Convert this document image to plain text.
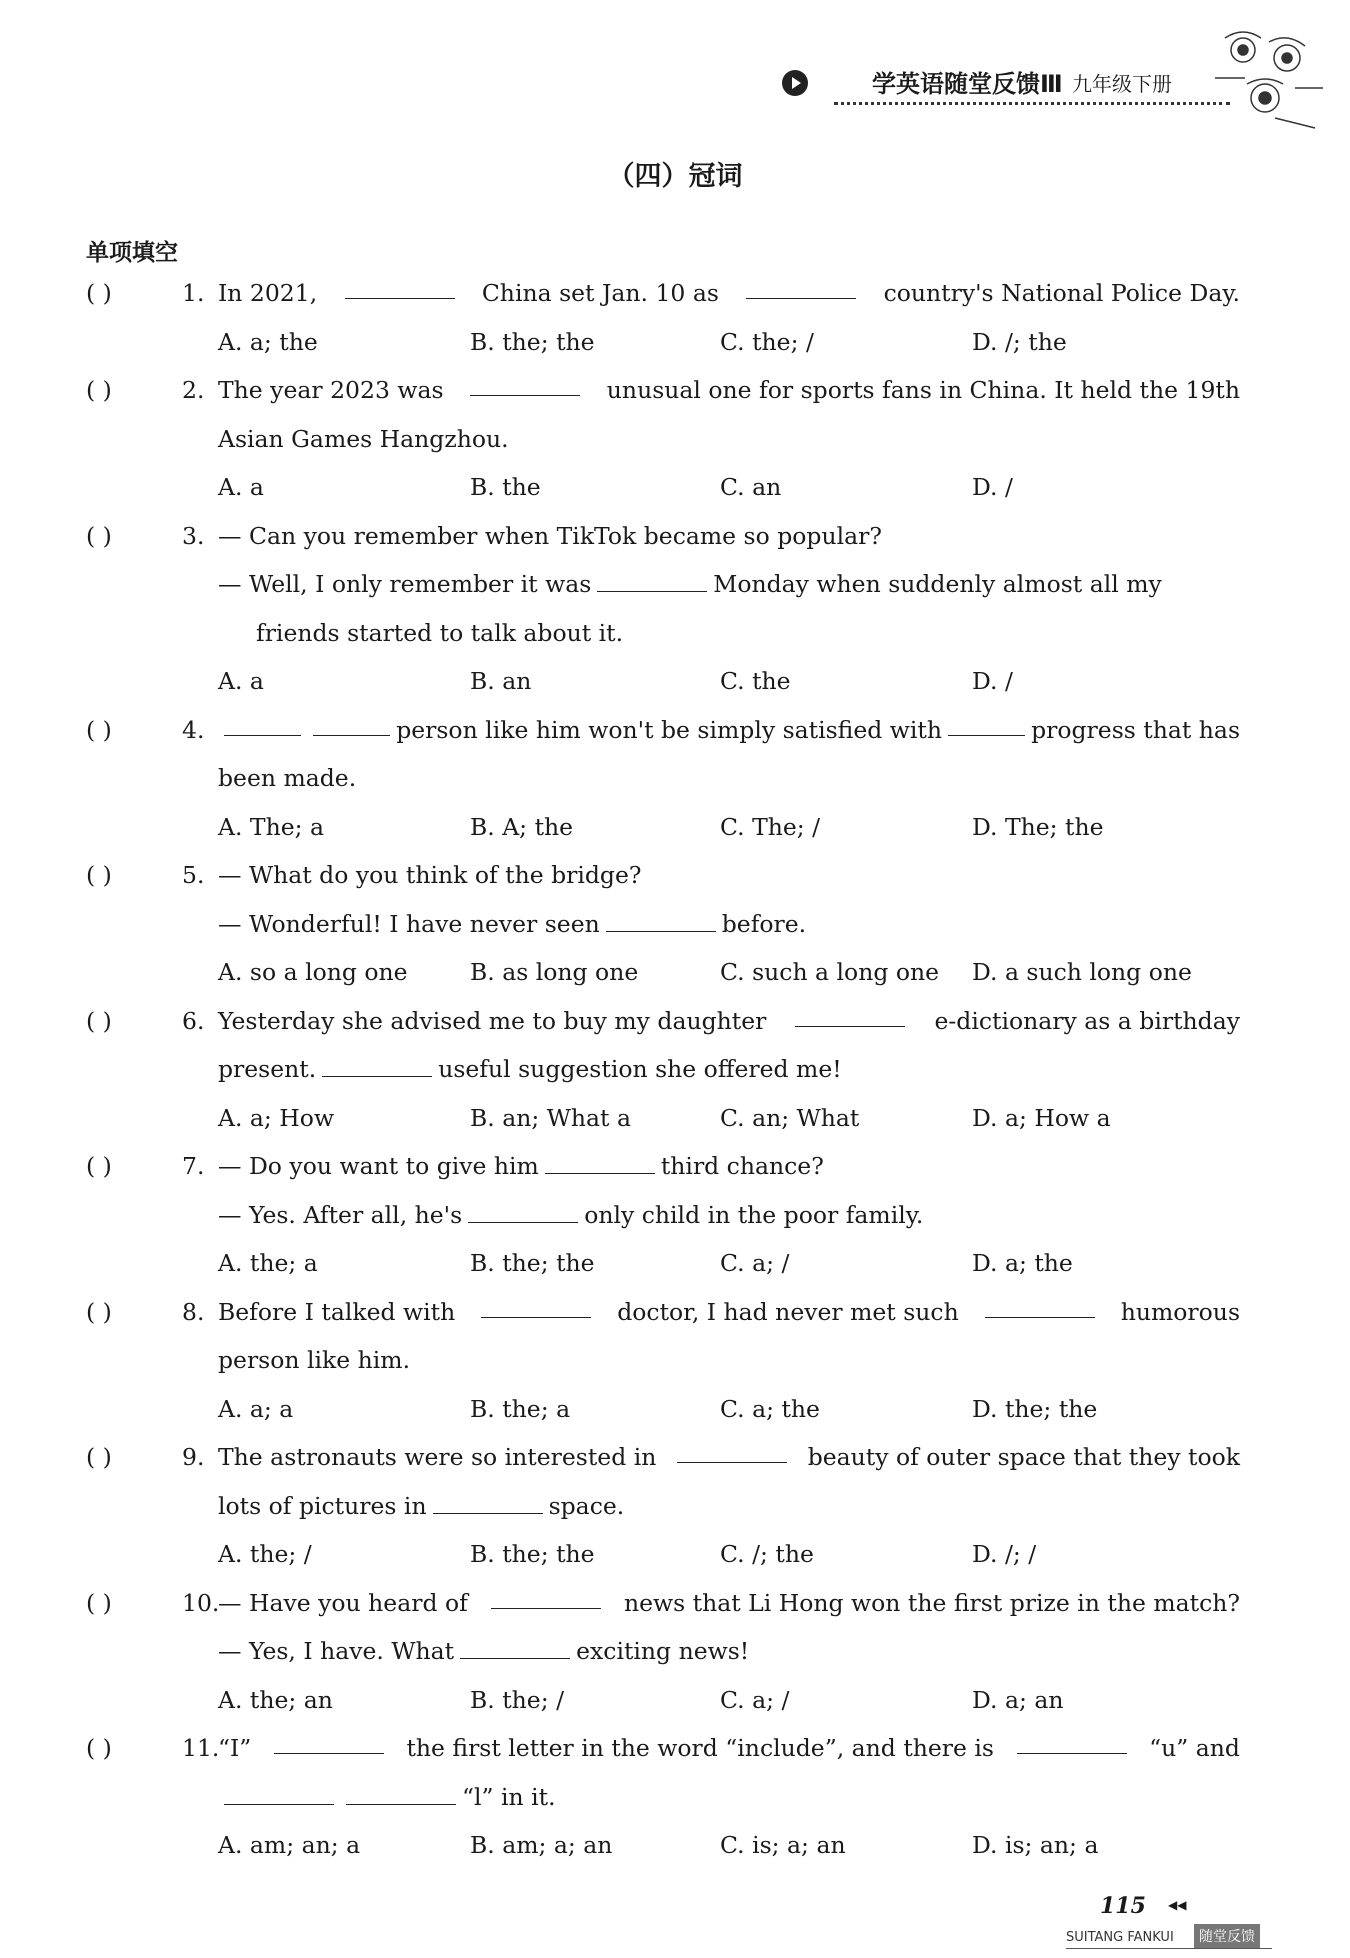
学英语随堂反馈Ⅲ 九年级下册
（四）冠词
单项填空
( )	1. In 2021,	China set Jan. 10 as	country's National Police Day.
A. a; the	B. the; the	C. the; /	D. /; the
( )	2. The year 2023 was	unusual one for sports fans in China. It held the 19th
Asian Games Hangzhou.
A. a	B. the	C. an	D. /
( )	3. — Can you remember when TikTok became so popular?
— Well, I only remember it was	Monday when suddenly almost all my
friends started to talk about it.
A. a	B. an	C. the	D. /
( )	4.	person like him won't be simply satisfied with	progress that has
been made.
A. The; a	B. A; the	C. The; /	D. The; the
( )	5. — What do you think of the bridge?
— Wonderful! I have never seen	before.
A. so a long one	B. as long one	C. such a long one D. a such long one
( )	6. Yesterday she advised me to buy my daughter	e-dictionary as a birthday
present.	useful suggestion she offered me!
A. a; How	B. an; What a	C. an; What	D. a; How a
( )	7. — Do you want to give him	third chance?
— Yes. After all, he's	only child in the poor family.
A. the; a	B. the; the	C. a; /	D. a; the
( )	8. Before I talked with	doctor, I had never met such	humorous
person like him.
A. a; a	B. the; a	C. a; the	D. the; the
( )	9. The astronauts were so interested in	beauty of outer space that they took
lots of pictures in	space.
A. the; /	B. the; the	C. /; the	D. /; /
( )	10.
— Have you heard of	news that Li Hong won the first prize in the match?
— Yes, I have. What	exciting news!
A. the; an	B. the; /	C. a; /	D. a; an
( )	11.
“I”	the first letter in the word “include”, and there is	“u” and
“l” in it.
A. am; an; a	B. am; a; an	C. is; a; an	D. is; an; a
115 ◀◀
SUITANG FANKUI	随堂反馈
